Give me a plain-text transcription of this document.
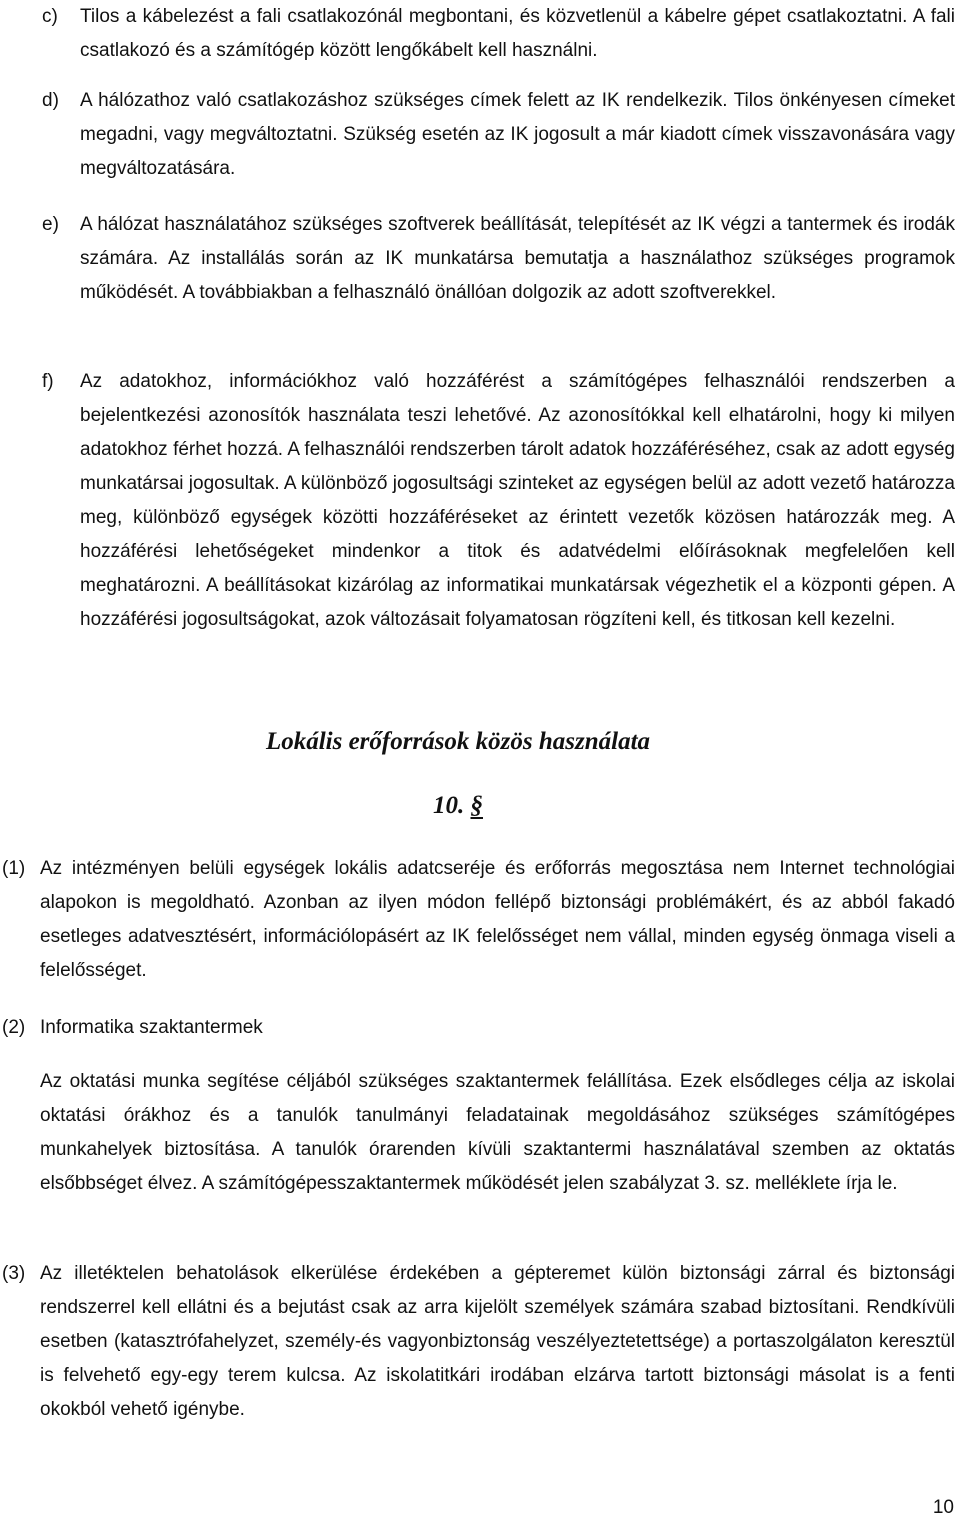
c)	Tilos a kábelezést a fali csatlakozónál megbontani, és közvetlenül a kábelre gépet csatlakoztatni. A fali csatlakozó és a számítógép között lengőkábelt kell használni.
d)	A hálózathoz való csatlakozáshoz szükséges címek felett az IK rendelkezik. Tilos önkényesen címeket megadni, vagy megváltoztatni. Szükség esetén az IK jogosult a már kiadott címek visszavonására vagy megváltozatására.
e)	A hálózat használatához szükséges szoftverek beállítását, telepítését az IK végzi a tantermek és irodák számára. Az installálás során az IK munkatársa bemutatja a használathoz szükséges programok működését. A továbbiakban a felhasználó önállóan dolgozik az adott szoftverekkel.
f)	Az adatokhoz, információkhoz való hozzáférést a számítógépes felhasználói rendszerben a bejelentkezési azonosítók használata teszi lehetővé. Az azonosítókkal kell elhatárolni, hogy ki milyen adatokhoz férhet hozzá. A felhasználói rendszerben tárolt adatok hozzáféréséhez, csak az adott egység munkatársai jogosultak. A különböző jogosultsági szinteket az egységen belül az adott vezető határozza meg, különböző egységek közötti hozzáféréseket az érintett vezetők közösen határozzák meg. A hozzáférési lehetőségeket mindenkor a titok és adatvédelmi előírásoknak megfelelően kell meghatározni. A beállításokat kizárólag az informatikai munkatársak végezhetik el a központi gépen. A hozzáférési jogosultságokat, azok változásait folyamatosan rögzíteni kell, és titkosan kell kezelni.
Lokális erőforrások közös használata
10. §
(1) Az intézményen belüli egységek lokális adatcseréje és erőforrás megosztása nem Internet technológiai alapokon is megoldható. Azonban az ilyen módon fellépő biztonsági problémákért, és az abból fakadó esetleges adatvesztésért, információlopásért az IK felelősséget nem vállal, minden egység önmaga viseli a felelősséget.
(2) Informatika szaktantermek
Az oktatási munka segítése céljából szükséges szaktantermek felállítása. Ezek elsődleges célja az iskolai oktatási órákhoz és a tanulók tanulmányi feladatainak megoldásához szükséges számítógépes munkahelyek biztosítása. A tanulók órarenden kívüli szaktantermi használatával szemben az oktatás elsőbbséget élvez. A számítógépesszaktantermek működését jelen szabályzat 3. sz. melléklete írja le.
(3) Az illetéktelen behatolások elkerülése érdekében a gépteremet külön biztonsági zárral és biztonsági rendszerrel kell ellátni és a bejutást csak az arra kijelölt személyek számára szabad biztosítani. Rendkívüli esetben (katasztrófahelyzet, személy-és vagyonbiztonság veszélyeztetettsége) a portaszolgálaton keresztül is felvehető egy-egy terem kulcsa. Az iskolatitkári irodában elzárva tartott biztonsági másolat is a fenti okokból vehető igénybe.
10
